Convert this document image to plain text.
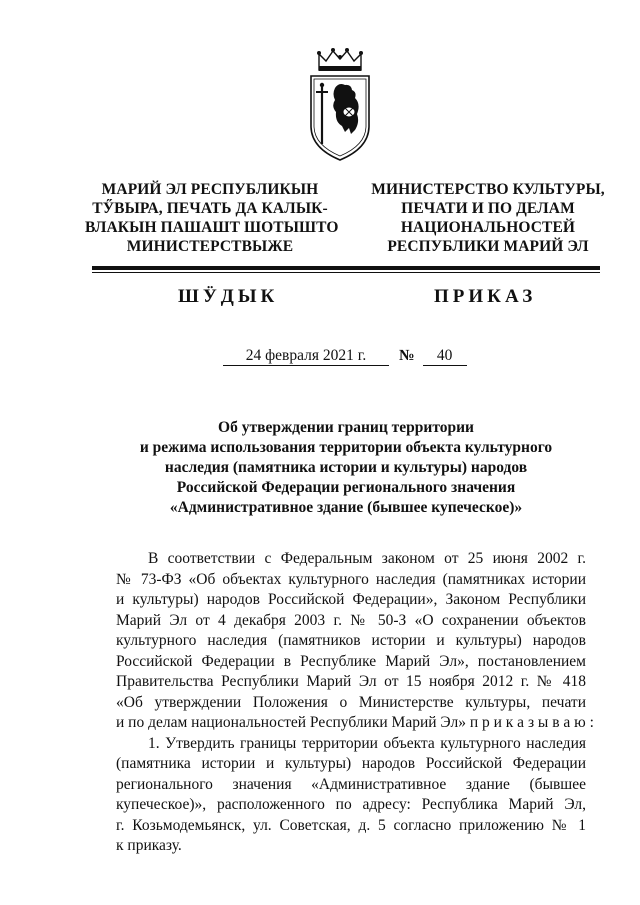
МАРИЙ ЭЛ РЕСПУБЛИКЫН
ТӲВЫРА, ПЕЧАТЬ ДА КАЛЫК-
ВЛАКЫН ПАШАШТ ШОТЫШТО
МИНИСТЕРСТВЫЖЕ
МИНИСТЕРСТВО КУЛЬТУРЫ,
ПЕЧАТИ И ПО ДЕЛАМ
НАЦИОНАЛЬНОСТЕЙ
РЕСПУБЛИКИ МАРИЙ ЭЛ
ШӰДЫК	ПРИКАЗ
24 февраля 2021 г. № 40
Об утверждении границ территории
и режима использования территории объекта культурного
наследия (памятника истории и культуры) народов
Российской Федерации регионального значения
«Административное здание (бывшее купеческое)»
В соответствии с Федеральным законом от 25 июня 2002 г.
№ 73-ФЗ «Об объектах культурного наследия (памятниках истории
и культуры) народов Российской Федерации», Законом Республики
Марий Эл от 4 декабря 2003 г. № 50-З «О сохранении объектов
культурного наследия (памятников истории и культуры) народов
Российской Федерации в Республике Марий Эл», постановлением
Правительства Республики Марий Эл от 15 ноября 2012 г. № 418
«Об утверждении Положения о Министерстве культуры, печати
и по делам национальностей Республики Марий Эл» п р и к а з ы в а ю :
1. Утвердить границы территории объекта культурного наследия
(памятника истории и культуры) народов Российской Федерации
регионального значения «Административное здание (бывшее
купеческое)», расположенного по адресу: Республика Марий Эл,
г. Козьмодемьянск, ул. Советская, д. 5 согласно приложению № 1
к приказу.
